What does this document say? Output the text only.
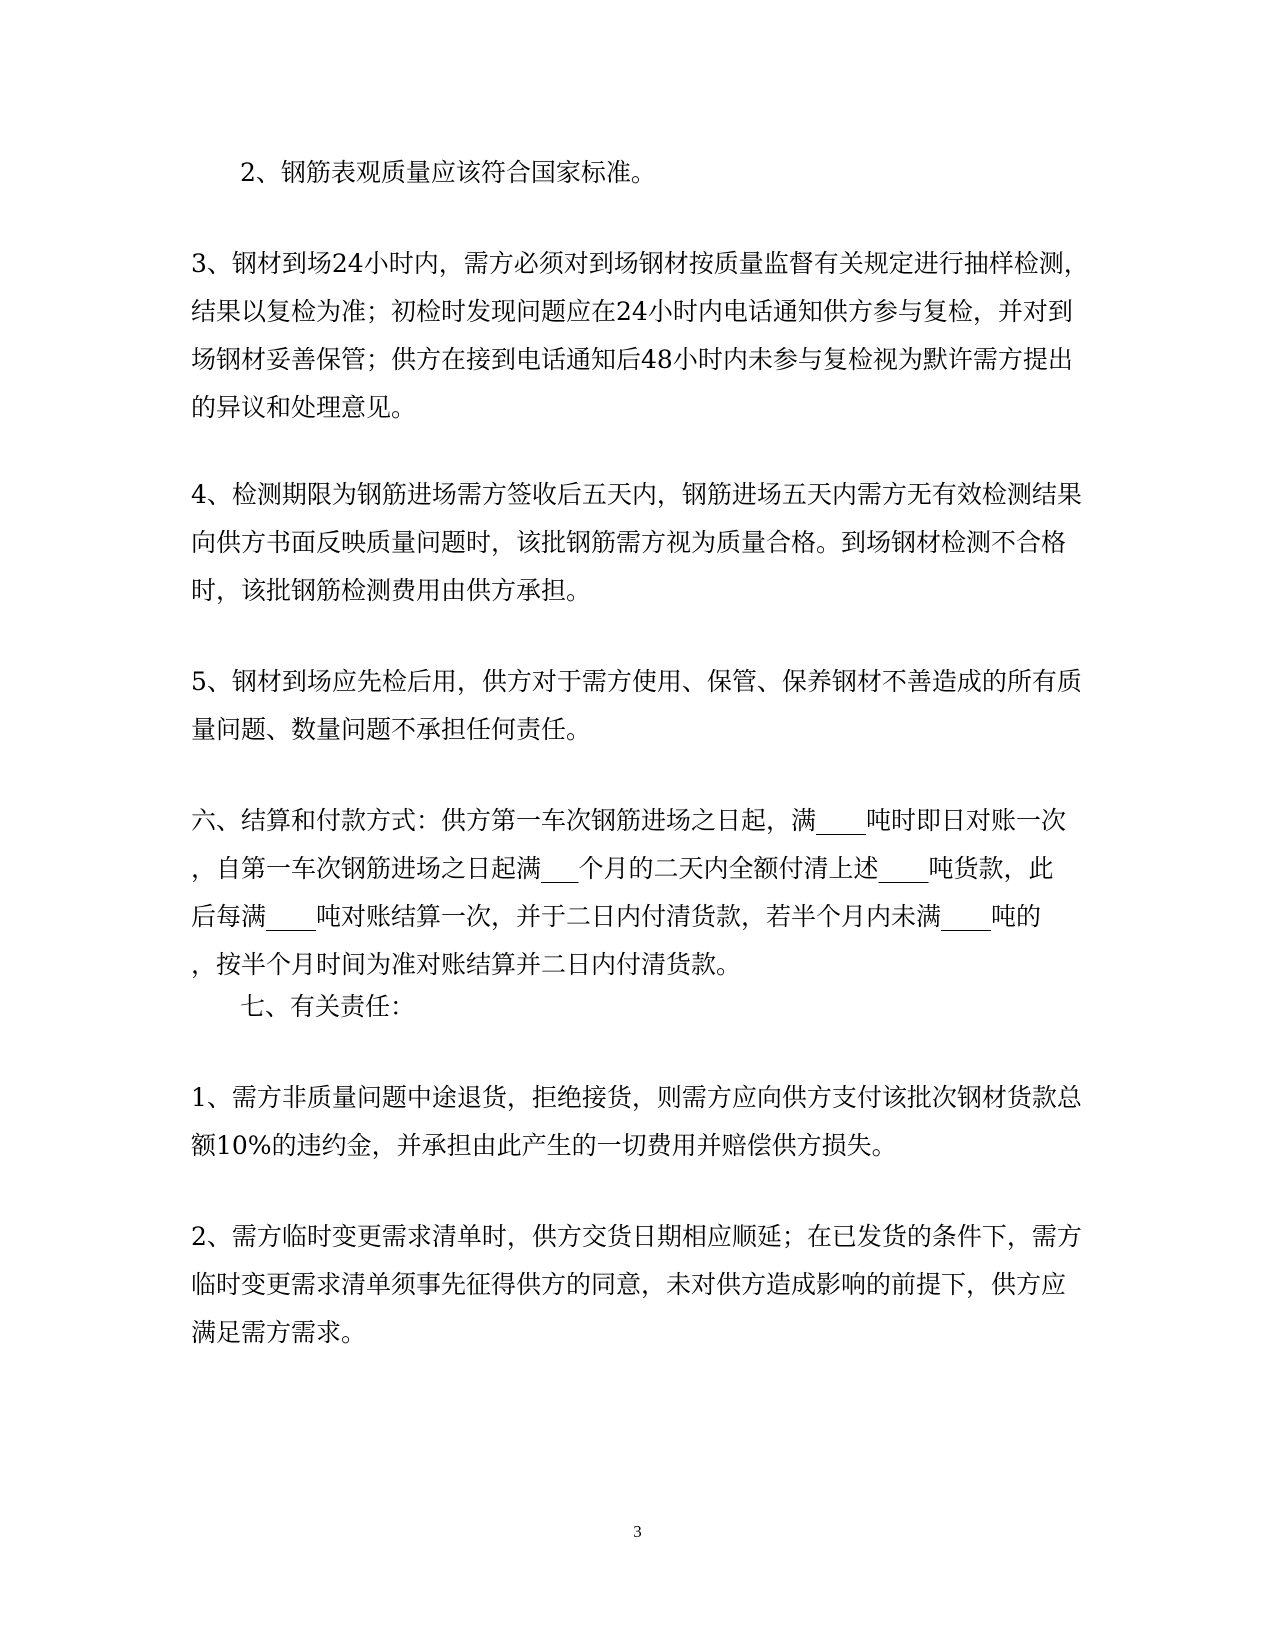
2、钢筋表观质量应该符合国家标准。

3、钢材到场24小时内，需方必须对到场钢材按质量监督有关规定进行抽样检测，
结果以复检为准；初检时发现问题应在24小时内电话通知供方参与复检，并对到
场钢材妥善保管；供方在接到电话通知后48小时内未参与复检视为默许需方提出
的异议和处理意见。

4、检测期限为钢筋进场需方签收后五天内，钢筋进场五天内需方无有效检测结果
向供方书面反映质量问题时，该批钢筋需方视为质量合格。到场钢材检测不合格
时，该批钢筋检测费用由供方承担。

5、钢材到场应先检后用，供方对于需方使用、保管、保养钢材不善造成的所有质
量问题、数量问题不承担任何责任。

六、结算和付款方式：供方第一车次钢筋进场之日起，满____吨时即日对账一次
，自第一车次钢筋进场之日起满___个月的二天内全额付清上述____吨货款，此
后每满____吨对账结算一次，并于二日内付清货款，若半个月内未满____吨的
，按半个月时间为准对账结算并二日内付清货款。

七、有关责任：

1、需方非质量问题中途退货，拒绝接货，则需方应向供方支付该批次钢材货款总
额10%的违约金，并承担由此产生的一切费用并赔偿供方损失。

2、需方临时变更需求清单时，供方交货日期相应顺延；在已发货的条件下，需方
临时变更需求清单须事先征得供方的同意，未对供方造成影响的前提下，供方应
满足需方需求。

3
